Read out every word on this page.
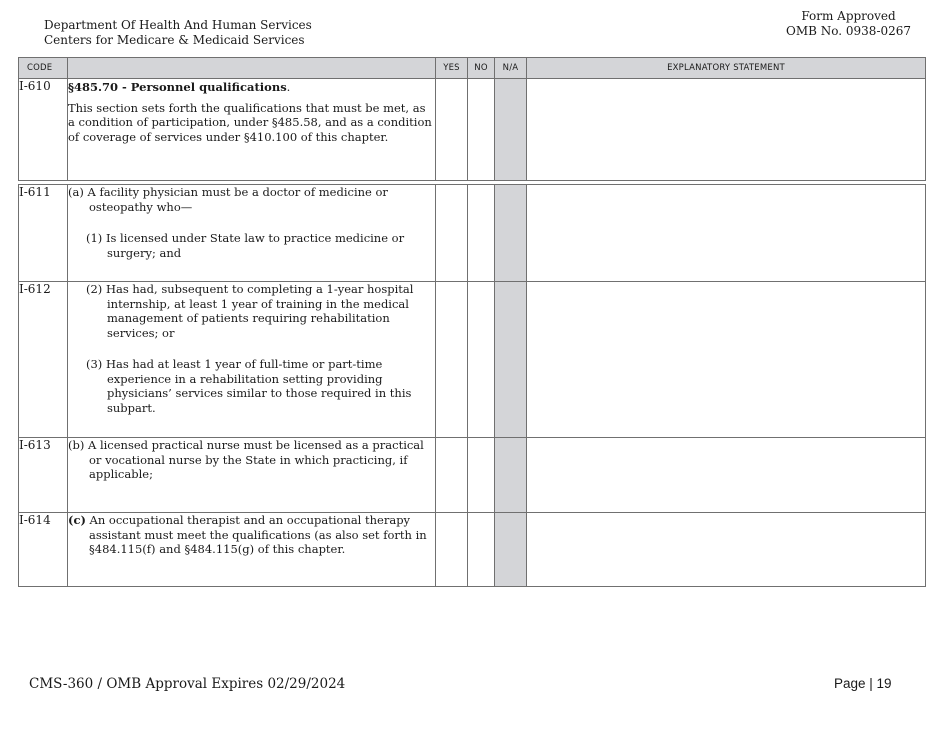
Department Of Health And Human Services
Centers for Medicare & Medicaid Services
Form Approved
OMB No. 0938-0267
CODE		YES	NO	N/A	EXPLANATORY STATEMENT
I-610	§485.70 - Personnel qualifications.

This section sets forth the qualifications that must be met, as a condition of participation, under §485.58, and as a condition of coverage of services under §410.100 of this chapter.				

I-611	(a) A facility physician must be a doctor of medicine or osteopathy who—

(1) Is licensed under State law to practice medicine or surgery; and				

I-612	(2) Has had, subsequent to completing a 1-year hospital internship, at least 1 year of training in the medical management of patients requiring rehabilitation services; or

(3) Has had at least 1 year of full-time or part-time experience in a rehabilitation setting providing physicians’ services similar to those required in this subpart.				

I-613	(b) A licensed practical nurse must be licensed as a practical or vocational nurse by the State in which practicing, if applicable;				

I-614	(c) An occupational therapist and an occupational therapy assistant must meet the qualifications (as also set forth in §484.115(f) and §484.115(g) of this chapter.				

CMS-360 / OMB Approval Expires 02/29/2024	Page | 19
